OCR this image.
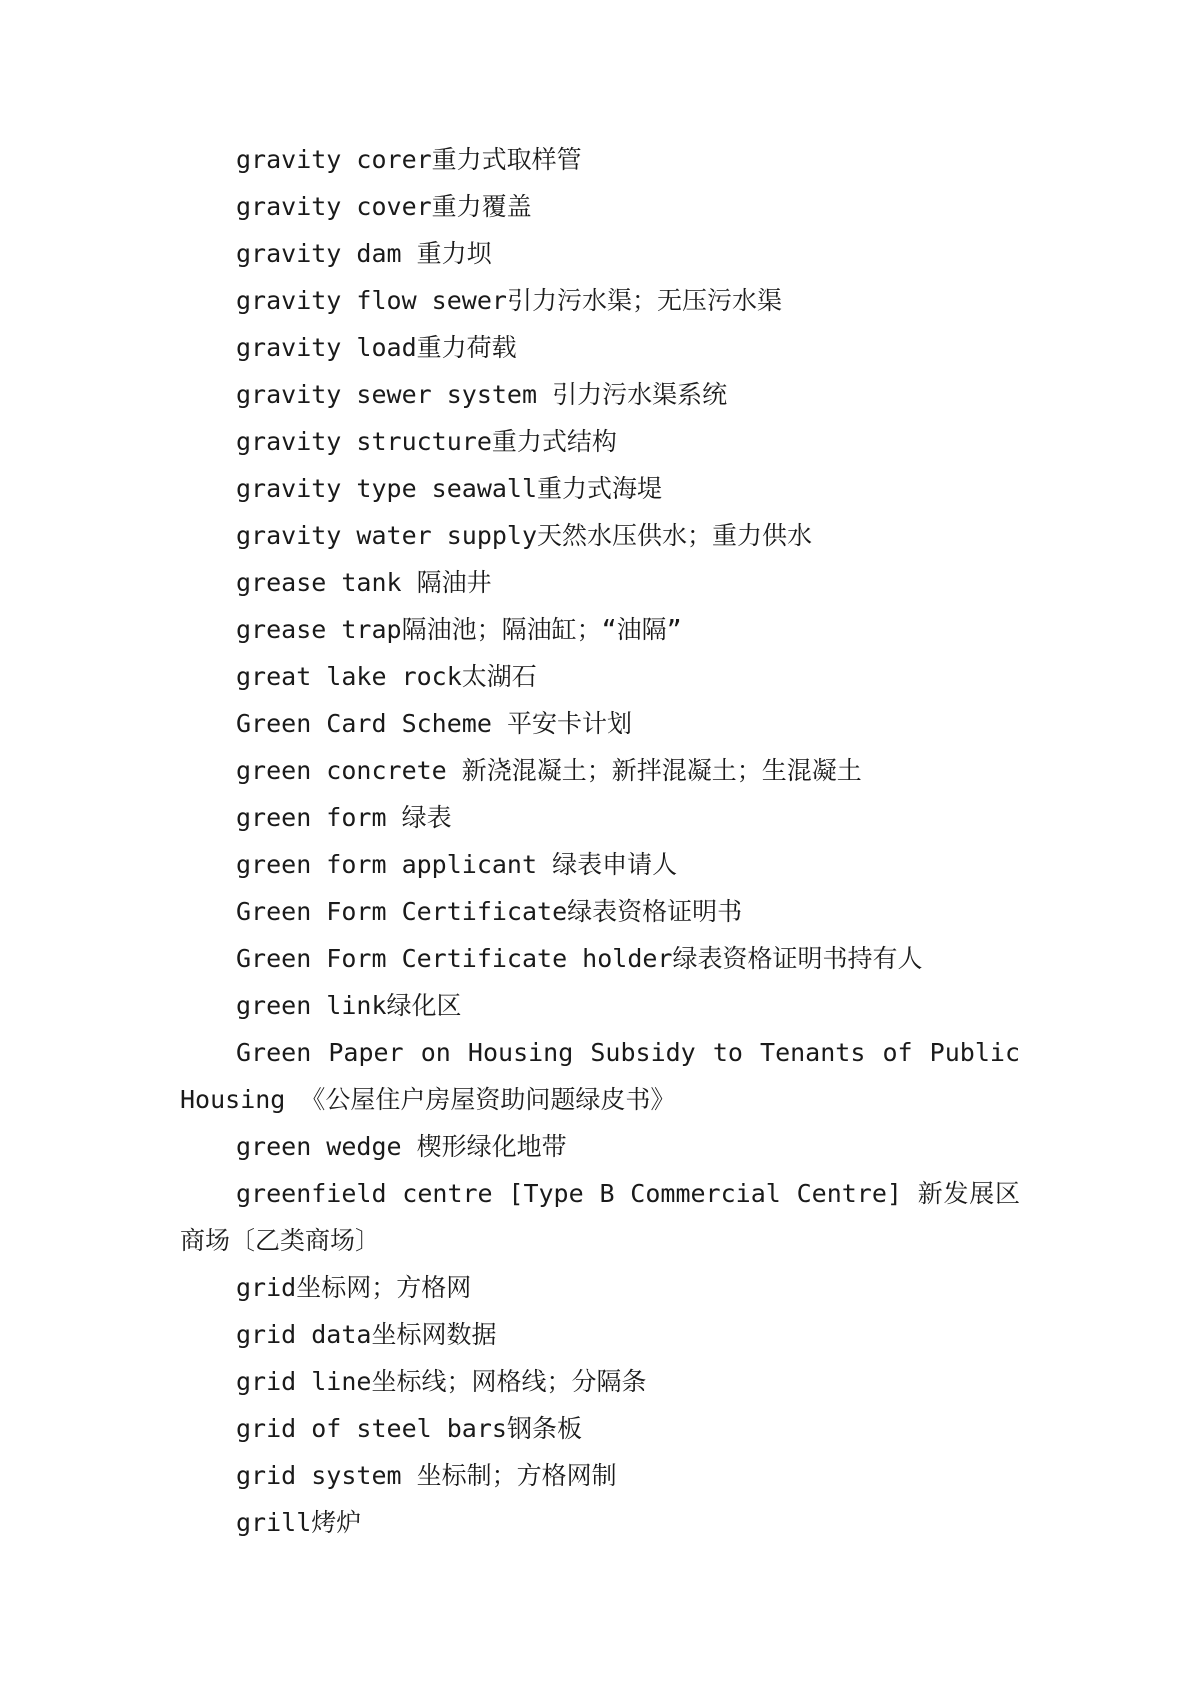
gravity corer重力式取样管

gravity cover重力覆盖

gravity dam 重力坝

gravity flow sewer引力污水渠；无压污水渠

gravity load重力荷载

gravity sewer system 引力污水渠系统

gravity structure重力式结构

gravity type seawall重力式海堤

gravity water supply天然水压供水；重力供水

grease tank 隔油井

grease trap隔油池；隔油缸；“油隔”

great lake rock太湖石

Green Card Scheme 平安卡计划

green concrete 新浇混凝土；新拌混凝土；生混凝土

green form 绿表

green form applicant 绿表申请人

Green Form Certificate绿表资格证明书

Green Form Certificate holder绿表资格证明书持有人

green link绿化区

Green Paper on Housing Subsidy to Tenants of Public Housing 《公屋住户房屋资助问题绿皮书》

green wedge 楔形绿化地带

greenfield centre [Type B Commercial Centre] 新发展区商场〔乙类商场〕

grid坐标网；方格网

grid data坐标网数据

grid line坐标线；网格线；分隔条

grid of steel bars钢条板

grid system 坐标制；方格网制

grill烤炉
